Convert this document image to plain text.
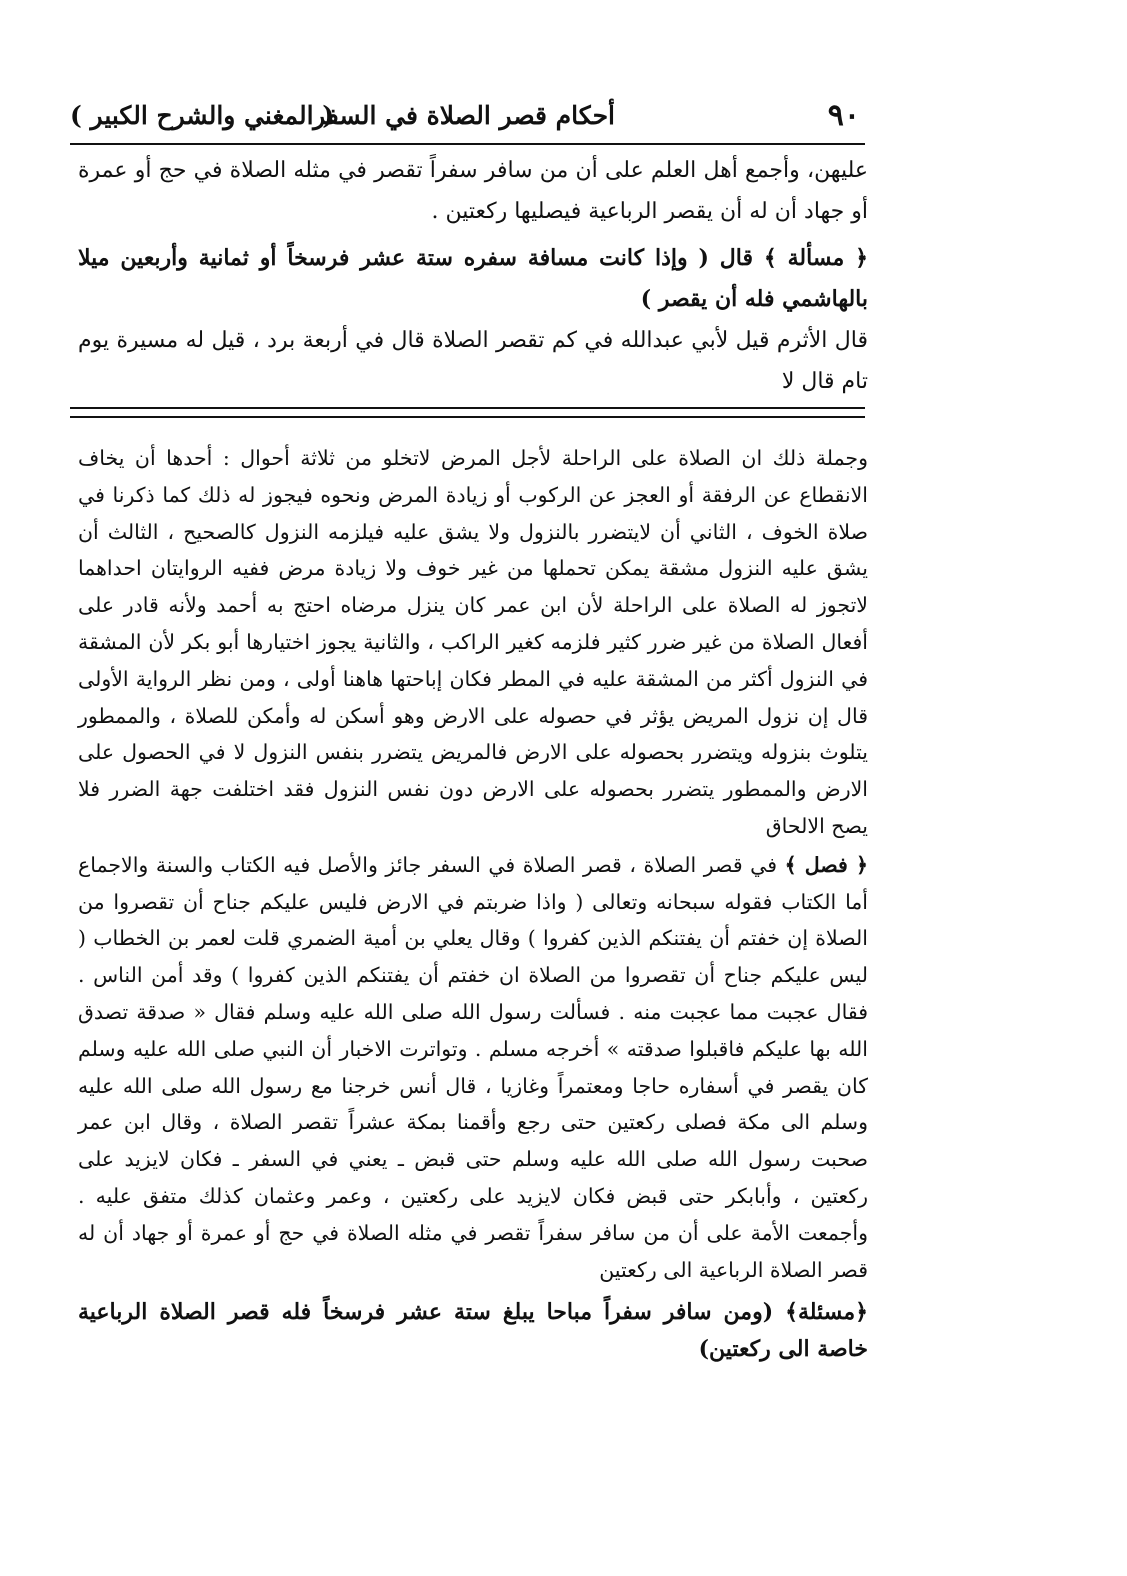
٩٠
أحكام قصر الصلاة في السفر
( المغني والشرح الكبير )

عليهن، وأجمع أهل العلم على أن من سافر سفراً تقصر في مثله الصلاة في حج أو عمرة أو جهاد أن له أن يقصر الرباعية فيصليها ركعتين .

﴿ مسألة ﴾ قال ( وإذا كانت مسافة سفره ستة عشر فرسخاً أو ثمانية وأربعين ميلا بالهاشمي فله أن يقصر )

قال الأثرم قيل لأبي عبدالله في كم تقصر الصلاة قال في أربعة برد ، قيل له مسيرة يوم تام قال لا

وجملة ذلك ان الصلاة على الراحلة لأجل المرض لاتخلو من ثلاثة أحوال : أحدها أن يخاف الانقطاع عن الرفقة أو العجز عن الركوب أو زيادة المرض ونحوه فيجوز له ذلك كما ذكرنا في صلاة الخوف ، الثاني أن لايتضرر بالنزول ولا يشق عليه فيلزمه النزول كالصحيح ، الثالث أن يشق عليه النزول مشقة يمكن تحملها من غير خوف ولا زيادة مرض ففيه الروايتان احداهما لاتجوز له الصلاة على الراحلة لأن ابن عمر كان ينزل مرضاه احتج به أحمد ولأنه قادر على أفعال الصلاة من غير ضرر كثير فلزمه كغير الراكب ، والثانية يجوز اختيارها أبو بكر لأن المشقة في النزول أكثر من المشقة عليه في المطر فكان إباحتها هاهنا أولى ، ومن نظر الرواية الأولى قال إن نزول المريض يؤثر في حصوله على الارض وهو أسكن له وأمكن للصلاة ، والممطور يتلوث بنزوله ويتضرر بحصوله على الارض فالمريض يتضرر بنفس النزول لا في الحصول على الارض والممطور يتضرر بحصوله على الارض دون نفس النزول فقد اختلفت جهة الضرر فلا يصح الالحاق

﴿ فصل ﴾ في قصر الصلاة ، قصر الصلاة في السفر جائز والأصل فيه الكتاب والسنة والاجماع أما الكتاب فقوله سبحانه وتعالى ( واذا ضربتم في الارض فليس عليكم جناح أن تقصروا من الصلاة إن خفتم أن يفتنكم الذين كفروا ) وقال يعلي بن أمية الضمري قلت لعمر بن الخطاب ( ليس عليكم جناح أن تقصروا من الصلاة ان خفتم أن يفتنكم الذين كفروا ) وقد أمن الناس . فقال عجبت مما عجبت منه . فسألت رسول الله صلى الله عليه وسلم فقال « صدقة تصدق الله بها عليكم فاقبلوا صدقته » أخرجه مسلم . وتواترت الاخبار أن النبي صلى الله عليه وسلم كان يقصر في أسفاره حاجا ومعتمراً وغازيا ، قال أنس خرجنا مع رسول الله صلى الله عليه وسلم الى مكة فصلى ركعتين حتى رجع وأقمنا بمكة عشراً تقصر الصلاة ، وقال ابن عمر صحبت رسول الله صلى الله عليه وسلم حتى قبض ـ يعني في السفر ـ فكان لايزيد على ركعتين ، وأبابكر حتى قبض فكان لايزيد على ركعتين ، وعمر وعثمان كذلك متفق عليه . وأجمعت الأمة على أن من سافر سفراً تقصر في مثله الصلاة في حج أو عمرة أو جهاد أن له قصر الصلاة الرباعية الى ركعتين

﴿مسئلة﴾ (ومن سافر سفراً مباحا يبلغ ستة عشر فرسخاً فله قصر الصلاة الرباعية خاصة الى ركعتين)
